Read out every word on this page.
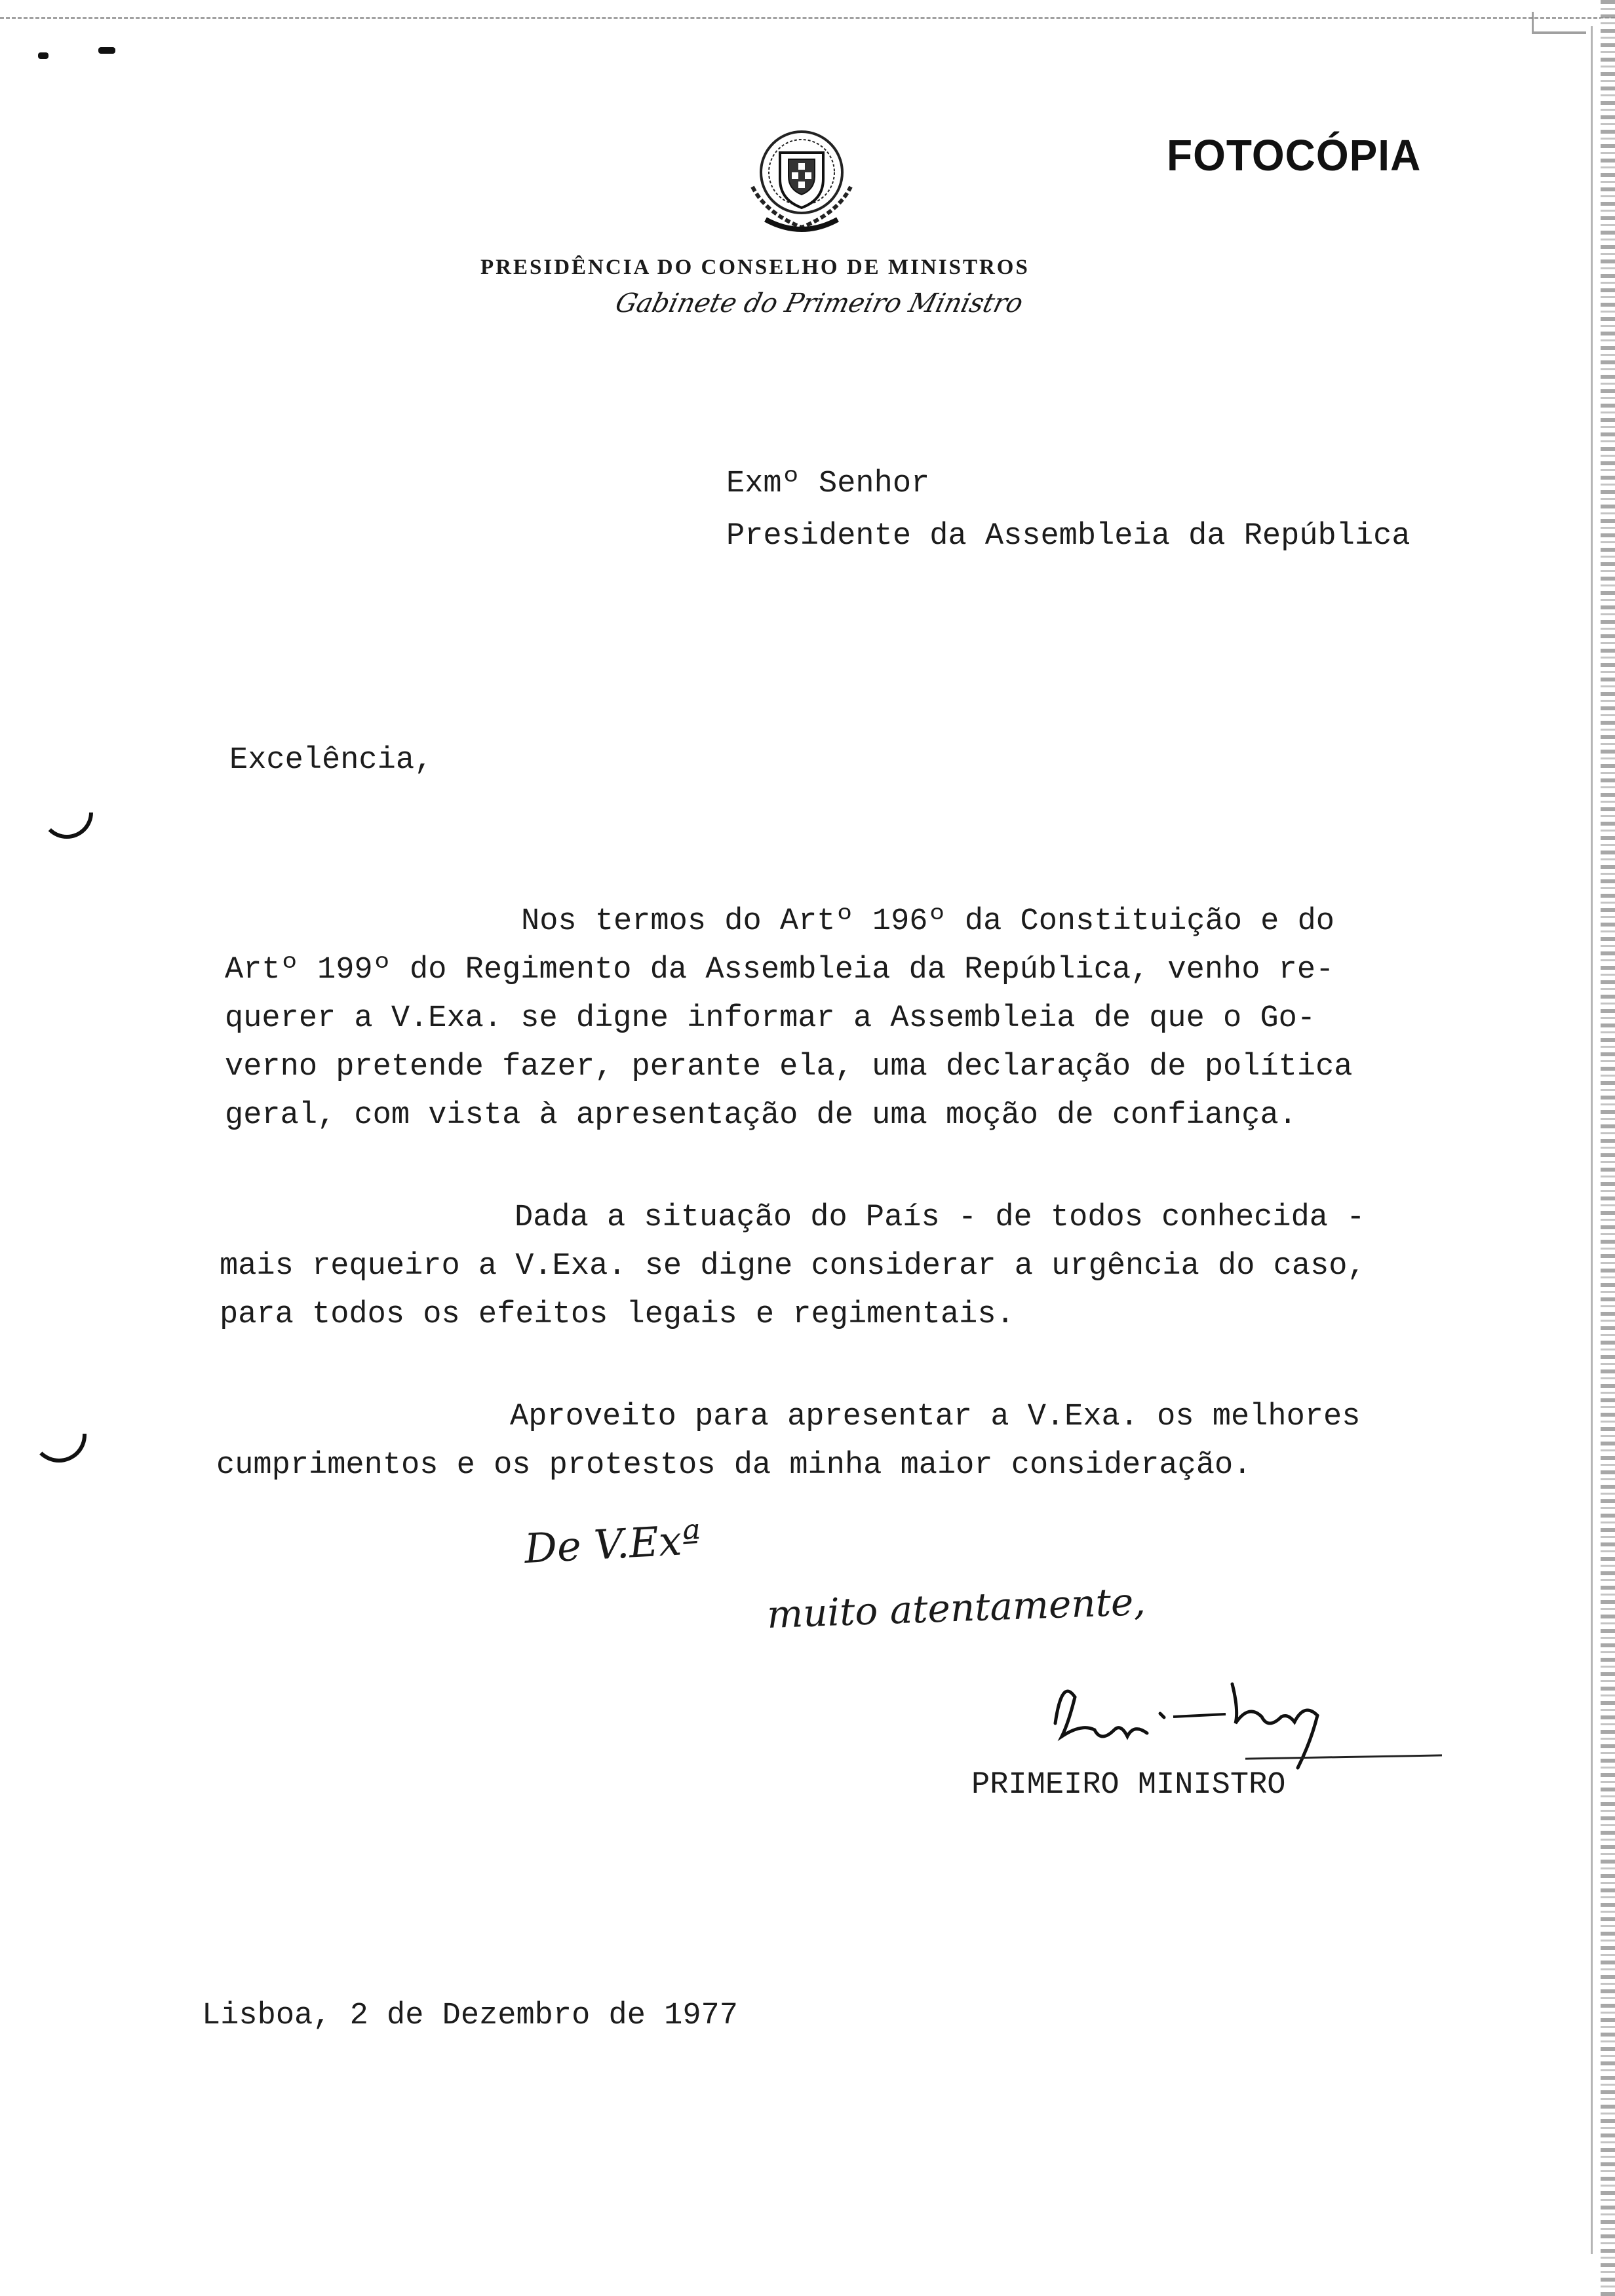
FOTOCÓPIA
PRESIDÊNCIA DO CONSELHO DE MINISTROS
Gabinete do Primeiro Ministro
Exmº Senhor
Presidente da Assembleia da República
Excelência,
Nos termos do Artº 196º da Constituição e do
Artº 199º do Regimento da Assembleia da República, venho re-
querer a V.Exa. se digne informar a Assembleia de que o Go-
verno pretende fazer, perante ela, uma declaração de política
geral, com vista à apresentação de uma moção de confiança.
Dada a situação do País - de todos conhecida -
mais requeiro a V.Exa. se digne considerar a urgência do caso,
para todos os efeitos legais e regimentais.
Aproveito para apresentar a V.Exa. os melhores
cumprimentos e os protestos da minha maior consideração.
De V.Exª
muito atentamente,
PRIMEIRO MINISTRO
Lisboa, 2 de Dezembro de 1977
